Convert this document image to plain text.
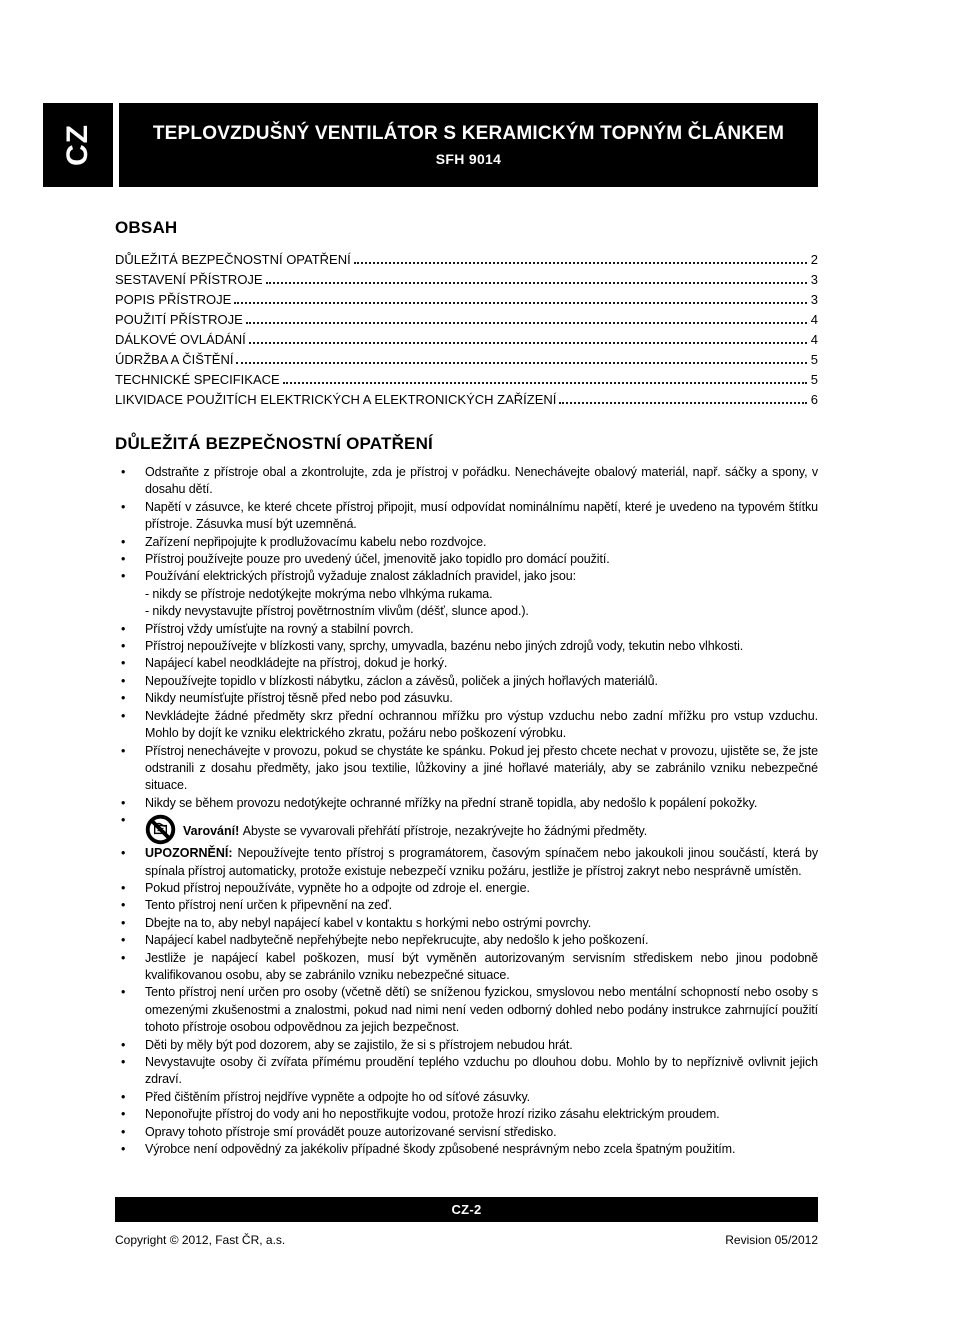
CZ	TEPLOVZDUŠNÝ VENTILÁTOR S KERAMICKÝM TOPNÝM ČLÁNKEM
SFH 9014
OBSAH
DŮLEŽITÁ BEZPEČNOSTNÍ OPATŘENÍ	2
SESTAVENÍ PŘÍSTROJE	3
POPIS PŘÍSTROJE	3
POUŽITÍ PŘÍSTROJE	4
DÁLKOVÉ OVLÁDÁNÍ	4
ÚDRŽBA A ČIŠTĚNÍ	5
TECHNICKÉ SPECIFIKACE	5
LIKVIDACE POUŽITÍCH ELEKTRICKÝCH A ELEKTRONICKÝCH ZAŘÍZENÍ	6
DŮLEŽITÁ BEZPEČNOSTNÍ OPATŘENÍ
•	Odstraňte z přístroje obal a zkontrolujte, zda je přístroj v pořádku. Nenechávejte obalový materiál, např. sáčky a spony, v dosahu dětí.
•	Napětí v zásuvce, ke které chcete přístroj připojit, musí odpovídat nominálnímu napětí, které je uvedeno na typovém štítku přístroje. Zásuvka musí být uzemněná.
•	Zařízení nepřipojujte k prodlužovacímu kabelu nebo rozdvojce.
•	Přístroj používejte pouze pro uvedený účel, jmenovitě jako topidlo pro domácí použití.
•	Používání elektrických přístrojů vyžaduje znalost základních pravidel, jako jsou:
- nikdy se přístroje nedotýkejte mokrýma nebo vlhkýma rukama.
- nikdy nevystavujte přístroj povětrnostním vlivům (déšť, slunce apod.).
•	Přístroj vždy umísťujte na rovný a stabilní povrch.
•	Přístroj nepoužívejte v blízkosti vany, sprchy, umyvadla, bazénu nebo jiných zdrojů vody, tekutin nebo vlhkosti.
•	Napájecí kabel neodkládejte na přístroj, dokud je horký.
•	Nepoužívejte topidlo v blízkosti nábytku, záclon a závěsů, poliček a jiných hořlavých materiálů.
•	Nikdy neumísťujte přístroj těsně před nebo pod zásuvku.
•	Nevkládejte žádné předměty skrz přední ochrannou mřížku pro výstup vzduchu nebo zadní mřížku pro vstup vzduchu. Mohlo by dojít ke vzniku elektrického zkratu, požáru nebo poškození výrobku.
•	Přístroj nenechávejte v provozu, pokud se chystáte ke spánku. Pokud jej přesto chcete nechat v provozu, ujistěte se, že jste odstranili z dosahu předměty, jako jsou textilie, lůžkoviny a jiné hořlavé materiály, aby se zabránilo vzniku nebezpečné situace.
•	Nikdy se během provozu nedotýkejte ochranné mřížky na přední straně topidla, aby nedošlo k popálení pokožky.
•
Varování! Abyste se vyvarovali přehřátí přístroje, nezakrývejte ho žádnými předměty.
•	UPOZORNĚNÍ: Nepoužívejte tento přístroj s programátorem, časovým spínačem nebo jakoukoli jinou součástí, která by spínala přístroj automaticky, protože existuje nebezpečí vzniku požáru, jestliže je přístroj zakryt nebo nesprávně umístěn.
•	Pokud přístroj nepoužíváte, vypněte ho a odpojte od zdroje el. energie.
•	Tento přístroj není určen k připevnění na zeď.
•	Dbejte na to, aby nebyl napájecí kabel v kontaktu s horkými nebo ostrými povrchy.
•	Napájecí kabel nadbytečně nepřehýbejte nebo nepřekrucujte, aby nedošlo k jeho poškození.
•	Jestliže je napájecí kabel poškozen, musí být vyměněn autorizovaným servisním střediskem nebo jinou podobně kvalifikovanou osobu, aby se zabránilo vzniku nebezpečné situace.
•	Tento přístroj není určen pro osoby (včetně dětí) se sníženou fyzickou, smyslovou nebo mentální schopností nebo osoby s omezenými zkušenostmi a znalostmi, pokud nad nimi není veden odborný dohled nebo podány instrukce zahrnující použití tohoto přístroje osobou odpovědnou za jejich bezpečnost.
•	Děti by měly být pod dozorem, aby se zajistilo, že si s přístrojem nebudou hrát.
•	Nevystavujte osoby či zvířata přímému proudění teplého vzduchu po dlouhou dobu. Mohlo by to nepříznivě ovlivnit jejich zdraví.
•	Před čištěním přístroj nejdříve vypněte a odpojte ho od síťové zásuvky.
•	Neponořujte přístroj do vody ani ho nepostřikujte vodou, protože hrozí riziko zásahu elektrickým proudem.
•	Opravy tohoto přístroje smí provádět pouze autorizované servisní středisko.
•	Výrobce není odpovědný za jakékoliv případné škody způsobené nesprávným nebo zcela špatným použitím.
CZ-2
Copyright © 2012, Fast ČR, a.s.	Revision 05/2012
